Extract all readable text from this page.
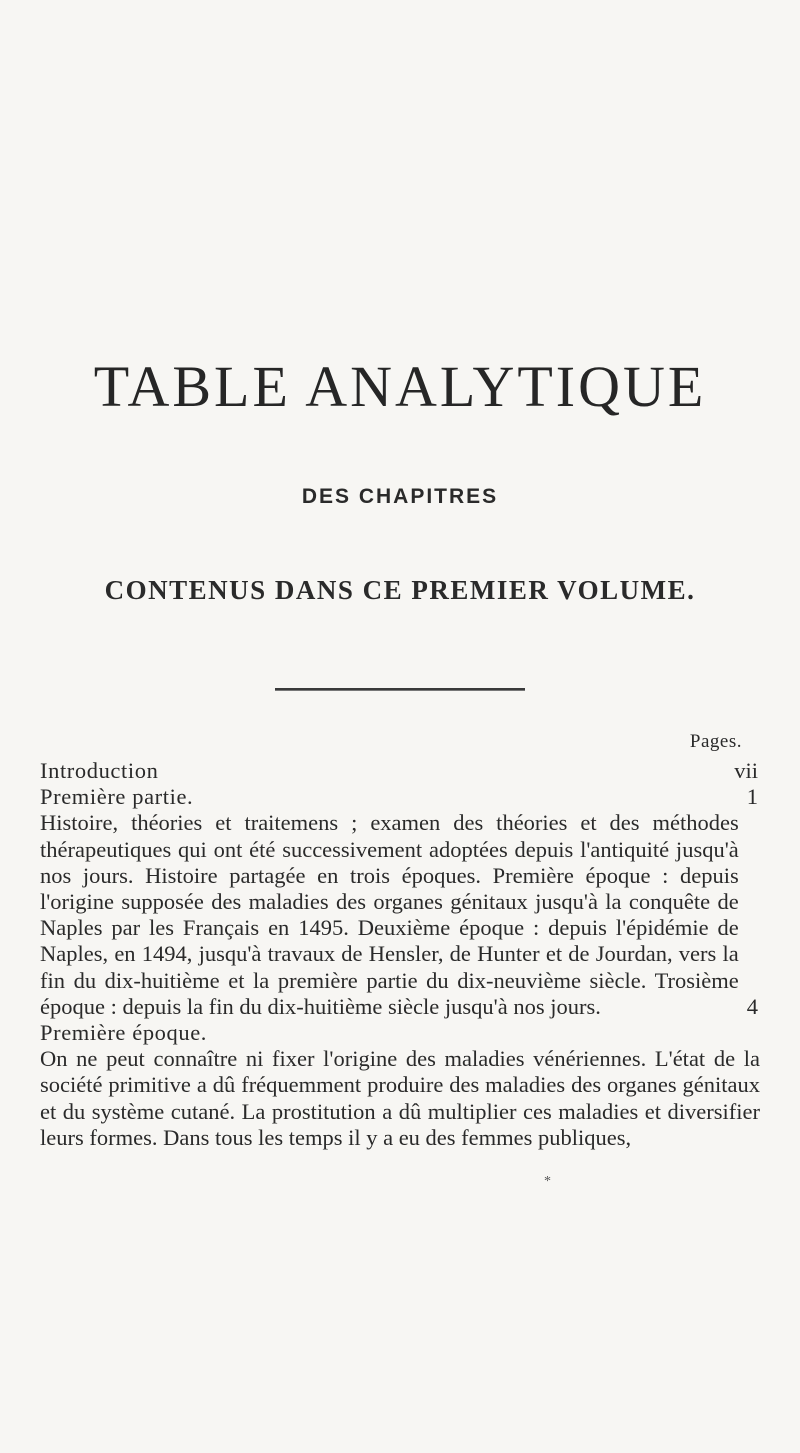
TABLE ANALYTIQUE
DES CHAPITRES
CONTENUS DANS CE PREMIER VOLUME.
Pages.
Introduction	vii
Première partie.	1
Histoire, théories et traitemens ; examen des théories et des méthodes thérapeutiques qui ont été successivement adoptées depuis l'antiquité jusqu'à nos jours. Histoire partagée en trois époques. Première époque : depuis l'origine supposée des maladies des organes génitaux jusqu'à la conquête de Naples par les Français en 1495. Deuxième époque : depuis l'épidémie de Naples, en 1494, jusqu'à travaux de Hensler, de Hunter et de Jourdan, vers la fin du dix-huitième et la première partie du dix-neuvième siècle. Trosième époque : depuis la fin du dix-huitième siècle jusqu'à nos jours.	4
Première époque.
On ne peut connaître ni fixer l'origine des maladies vénériennes. L'état de la société primitive a dû fréquemment produire des maladies des organes génitaux et du système cutané. La prostitution a dû multiplier ces maladies et diversifier leurs formes. Dans tous les temps il y a eu des femmes publiques,
*
